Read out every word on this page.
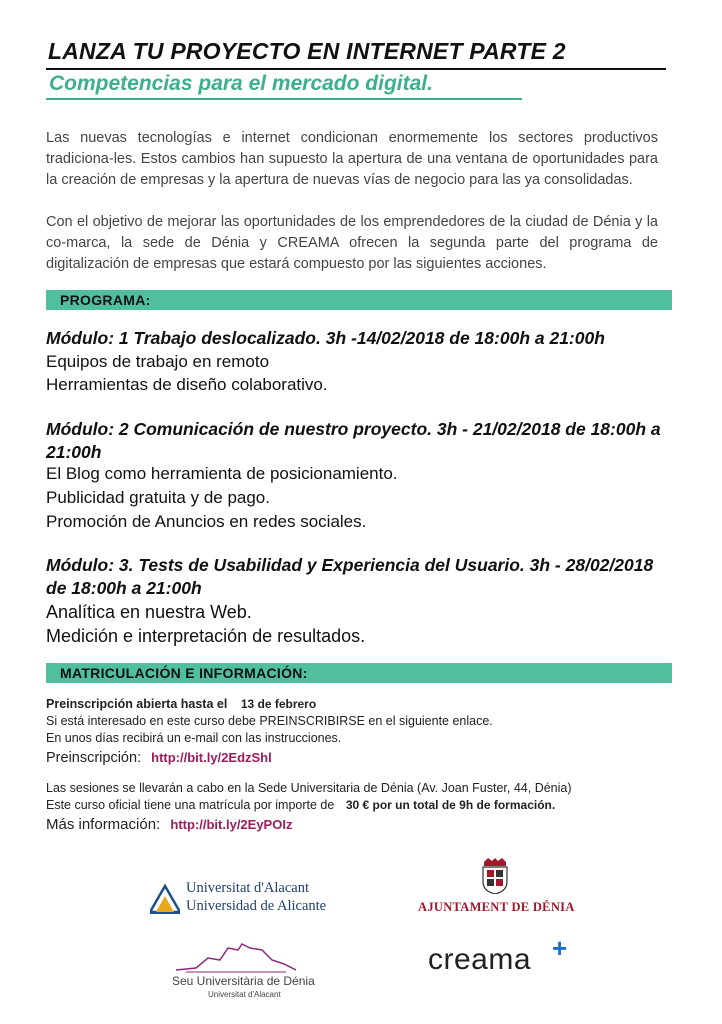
LANZA TU PROYECTO EN INTERNET PARTE 2
Competencias para el mercado digital.
Las nuevas tecnologías e internet condicionan enormemente los sectores productivos tradiciona-les. Estos cambios han supuesto la apertura de una ventana de oportunidades para la creación de empresas y la apertura de nuevas vías de negocio para las ya consolidadas.
Con el objetivo de mejorar las oportunidades de los emprendedores de la ciudad de Dénia y la co-marca, la sede de Dénia y CREAMA ofrecen la segunda parte del programa de digitalización de empresas que estará compuesto por las siguientes acciones.
PROGRAMA:
Módulo: 1 Trabajo deslocalizado. 3h -14/02/2018 de 18:00h a 21:00h
Equipos de trabajo en remoto
Herramientas de diseño colaborativo.
Módulo: 2 Comunicación de nuestro proyecto. 3h - 21/02/2018 de 18:00h a 21:00h
El Blog como herramienta de posicionamiento.
Publicidad gratuita y de pago.
Promoción de Anuncios en redes sociales.
Módulo: 3. Tests de Usabilidad y Experiencia del Usuario. 3h - 28/02/2018 de 18:00h a 21:00h
Analítica en nuestra Web.
Medición e interpretación de resultados.
MATRICULACIÓN E INFORMACIÓN:
Preinscripción abierta hasta el 13 de febrero
Si está interesado en este curso debe PREINSCRIBIRSE en el siguiente enlace.
En unos días recibirá un e-mail con las instrucciones.
Preinscripción: http://bit.ly/2EdzShl
Las sesiones se llevarán a cabo en la Sede Universitaria de Dénia (Av. Joan Fuster, 44, Dénia)
Este curso oficial tiene una matrícula por importe de 30 € por un total de 9h de formación.
Más información: http://bit.ly/2EyPOIz
Universitat d'Alacant
Universidad de Alicante	AJUNTAMENT DE DÉNIA
Seu Universitària de Dénia
Universitat d'Alacant
creama +
